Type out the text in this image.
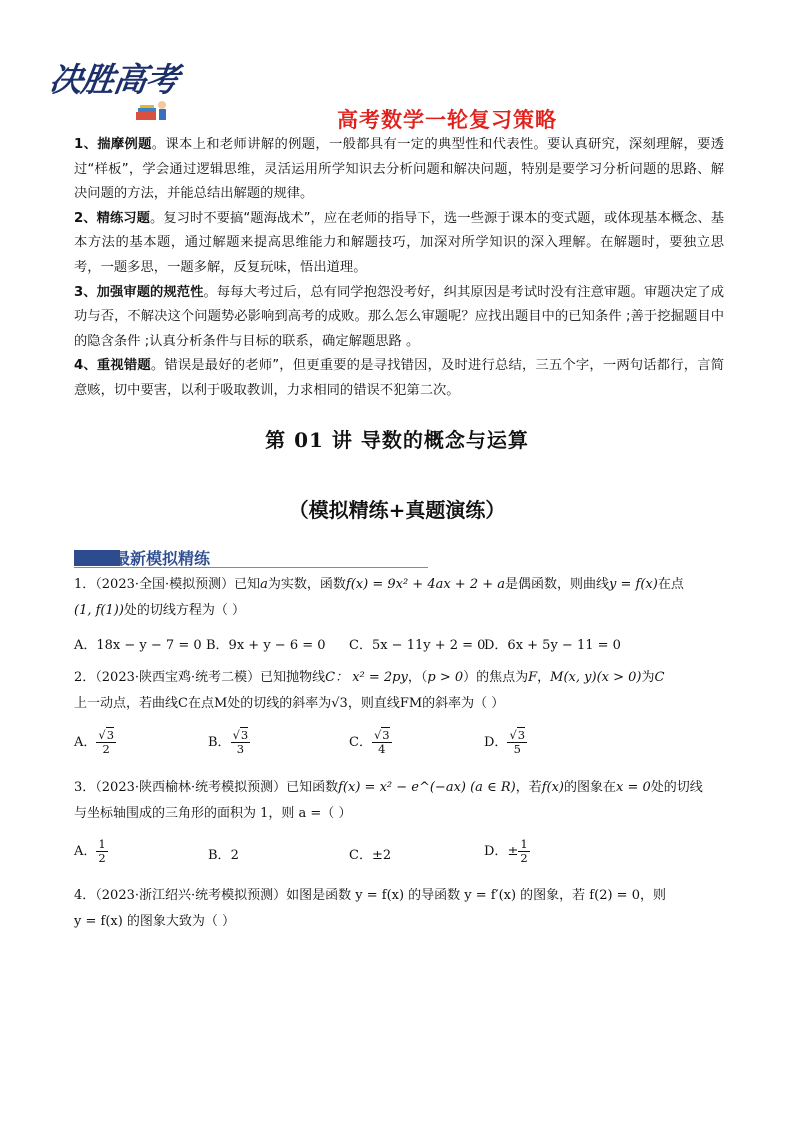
决胜高考
高考数学一轮复习策略

1、揣摩例题。课本上和老师讲解的例题，一般都具有一定的典型性和代表性。要认真研究，深刻理解，要透过“样板”，学会通过逻辑思维，灵活运用所学知识去分析问题和解决问题，特别是要学习分析问题的思路、解决问题的方法，并能总结出解题的规律。

2、精练习题。复习时不要搞“题海战术”，应在老师的指导下，选一些源于课本的变式题，或体现基本概念、基本方法的基本题，通过解题来提高思维能力和解题技巧，加深对所学知识的深入理解。在解题时，要独立思考，一题多思，一题多解，反复玩味，悟出道理。

3、加强审题的规范性。每每大考过后，总有同学抱怨没考好，纠其原因是考试时没有注意审题。审题决定了成功与否，不解决这个问题势必影响到高考的成败。那么怎么审题呢？应找出题目中的已知条件 ;善于挖掘题目中的隐含条件 ;认真分析条件与目标的联系，确定解题思路 。

4、重视错题。错误是最好的老师”，但更重要的是寻找错因，及时进行总结，三五个字，一两句话都行，言简意赅，切中要害，以利于吸取教训，力求相同的错误不犯第二次。

第 01 讲 导数的概念与运算
（模拟精练+真题演练）
最新模拟精练
1．（2023·全国·模拟预测）已知a为实数，函数f(x) = 9x² + 4ax + 2 + a是偶函数，则曲线y = f(x)在点
(1, f(1))处的切线方程为（ ）
A．18x − y − 7 = 0 B．9x + y − 6 = 0 C．5x − 11y + 2 = 0
D．6x + 5y − 11 = 0
2．（2023·陕西宝鸡·统考二模）已知抛物线C： x² = 2py，（p > 0）的焦点为F，M(x, y)(x > 0)为C
上一动点，若曲线C在点M处的切线的斜率为√3，则直线FM的斜率为（ ）
A． $\frac{√3}{2}$	B． $\frac{√3}{3}$	C． $\frac{√3}{4}$	D． $\frac{√3}{5}$
3．（2023·陕西榆林·统考模拟预测）已知函数f(x) = x² − e^(−ax) (a ∈ R)，若f(x)的图象在x = 0处的切线
与坐标轴围成的三角形的面积为 1，则 a =（ ）
A． $\frac{1}{2}$	B．2	C．±2	D．± $\frac{1}{2}$
4．（2023·浙江绍兴·统考模拟预测）如图是函数 y = f(x) 的导函数 y = f′(x) 的图象，若 f(2) = 0，则
y = f(x) 的图象大致为（ ）
